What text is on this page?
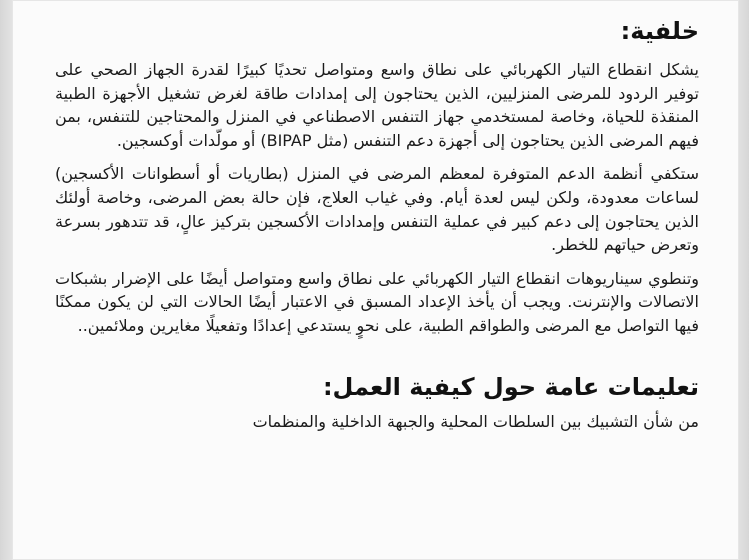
خلفية:

يشكل انقطاع التيار الكهربائي على نطاق واسع ومتواصل تحديًا كبيرًا لقدرة الجهاز الصحي على توفير الردود للمرضى المنزليين، الذين يحتاجون إلى إمدادات طاقة لغرض تشغيل الأجهزة الطبية المنقذة للحياة، وخاصة لمستخدمي جهاز التنفس الاصطناعي في المنزل والمحتاجين للتنفس، بمن فيهم المرضى الذين يحتاجون إلى أجهزة دعم التنفس (مثل BIPAP) أو مولّدات أوكسجين.

ستكفي أنظمة الدعم المتوفرة لمعظم المرضى في المنزل (بطاريات أو أسطوانات الأكسجين) لساعات معدودة، ولكن ليس لعدة أيام. وفي غياب العلاج، فإن حالة بعض المرضى، وخاصة أولئك الذين يحتاجون إلى دعم كبير في عملية التنفس وإمدادات الأكسجين بتركيز عالٍ، قد تتدهور بسرعة وتعرض حياتهم للخطر.

وتنطوي سيناريوهات انقطاع التيار الكهربائي على نطاق واسع ومتواصل أيضًا على الإضرار بشبكات الاتصالات والإنترنت. ويجب أن يأخذ الإعداد المسبق في الاعتبار أيضًا الحالات التي لن يكون ممكنًا فيها التواصل مع المرضى والطواقم الطبية، على نحوٍ يستدعي إعدادًا وتفعيلًا مغايرين وملائمين..

تعليمات عامة حول كيفية العمل:

من شأن التشبيك بين السلطات المحلية والجبهة الداخلية والمنظمات
